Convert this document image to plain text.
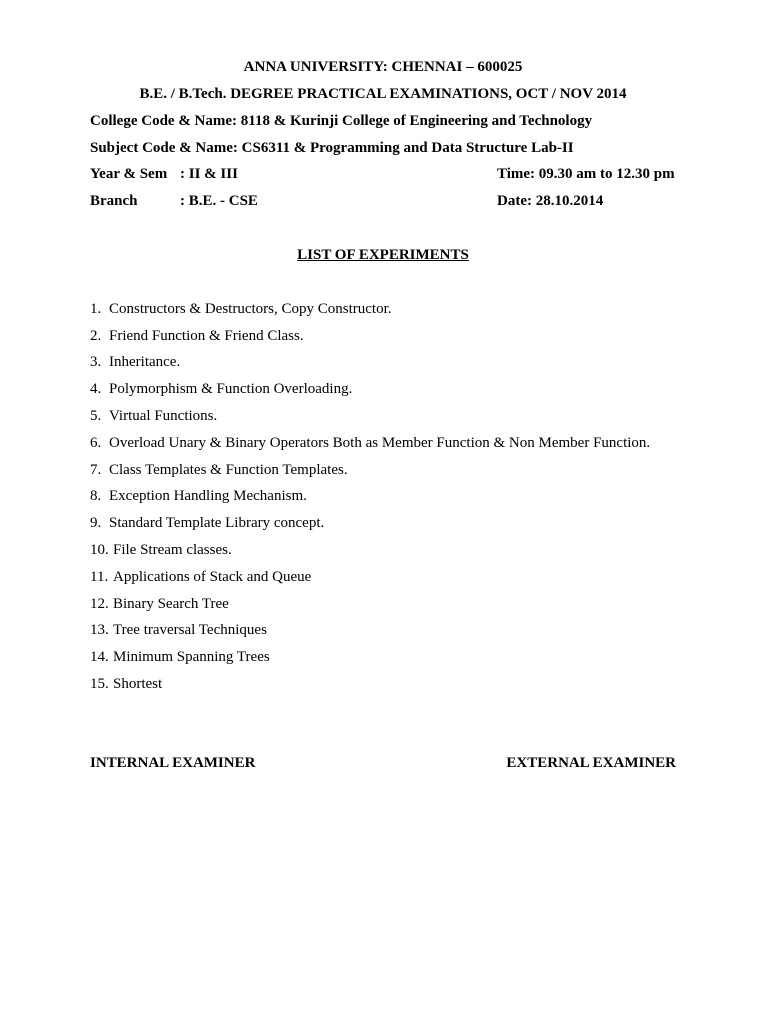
ANNA UNIVERSITY: CHENNAI – 600025
B.E. / B.Tech. DEGREE PRACTICAL EXAMINATIONS, OCT / NOV 2014
College Code & Name: 8118 & Kurinji College of Engineering and Technology
Subject Code & Name: CS6311 & Programming and Data Structure Lab-II
Year & Sem : II & III	Time: 09.30 am to 12.30 pm
Branch	: B.E. - CSE	Date: 28.10.2014
LIST OF EXPERIMENTS
1. Constructors & Destructors, Copy Constructor.
2. Friend Function & Friend Class.
3. Inheritance.
4. Polymorphism & Function Overloading.
5. Virtual Functions.
6. Overload Unary & Binary Operators Both as Member Function & Non Member Function.
7. Class Templates & Function Templates.
8. Exception Handling Mechanism.
9. Standard Template Library concept.
10. File Stream classes.
11. Applications of Stack and Queue
12. Binary Search Tree
13. Tree traversal Techniques
14. Minimum Spanning Trees
15. Shortest
INTERNAL EXAMINER	EXTERNAL EXAMINER
